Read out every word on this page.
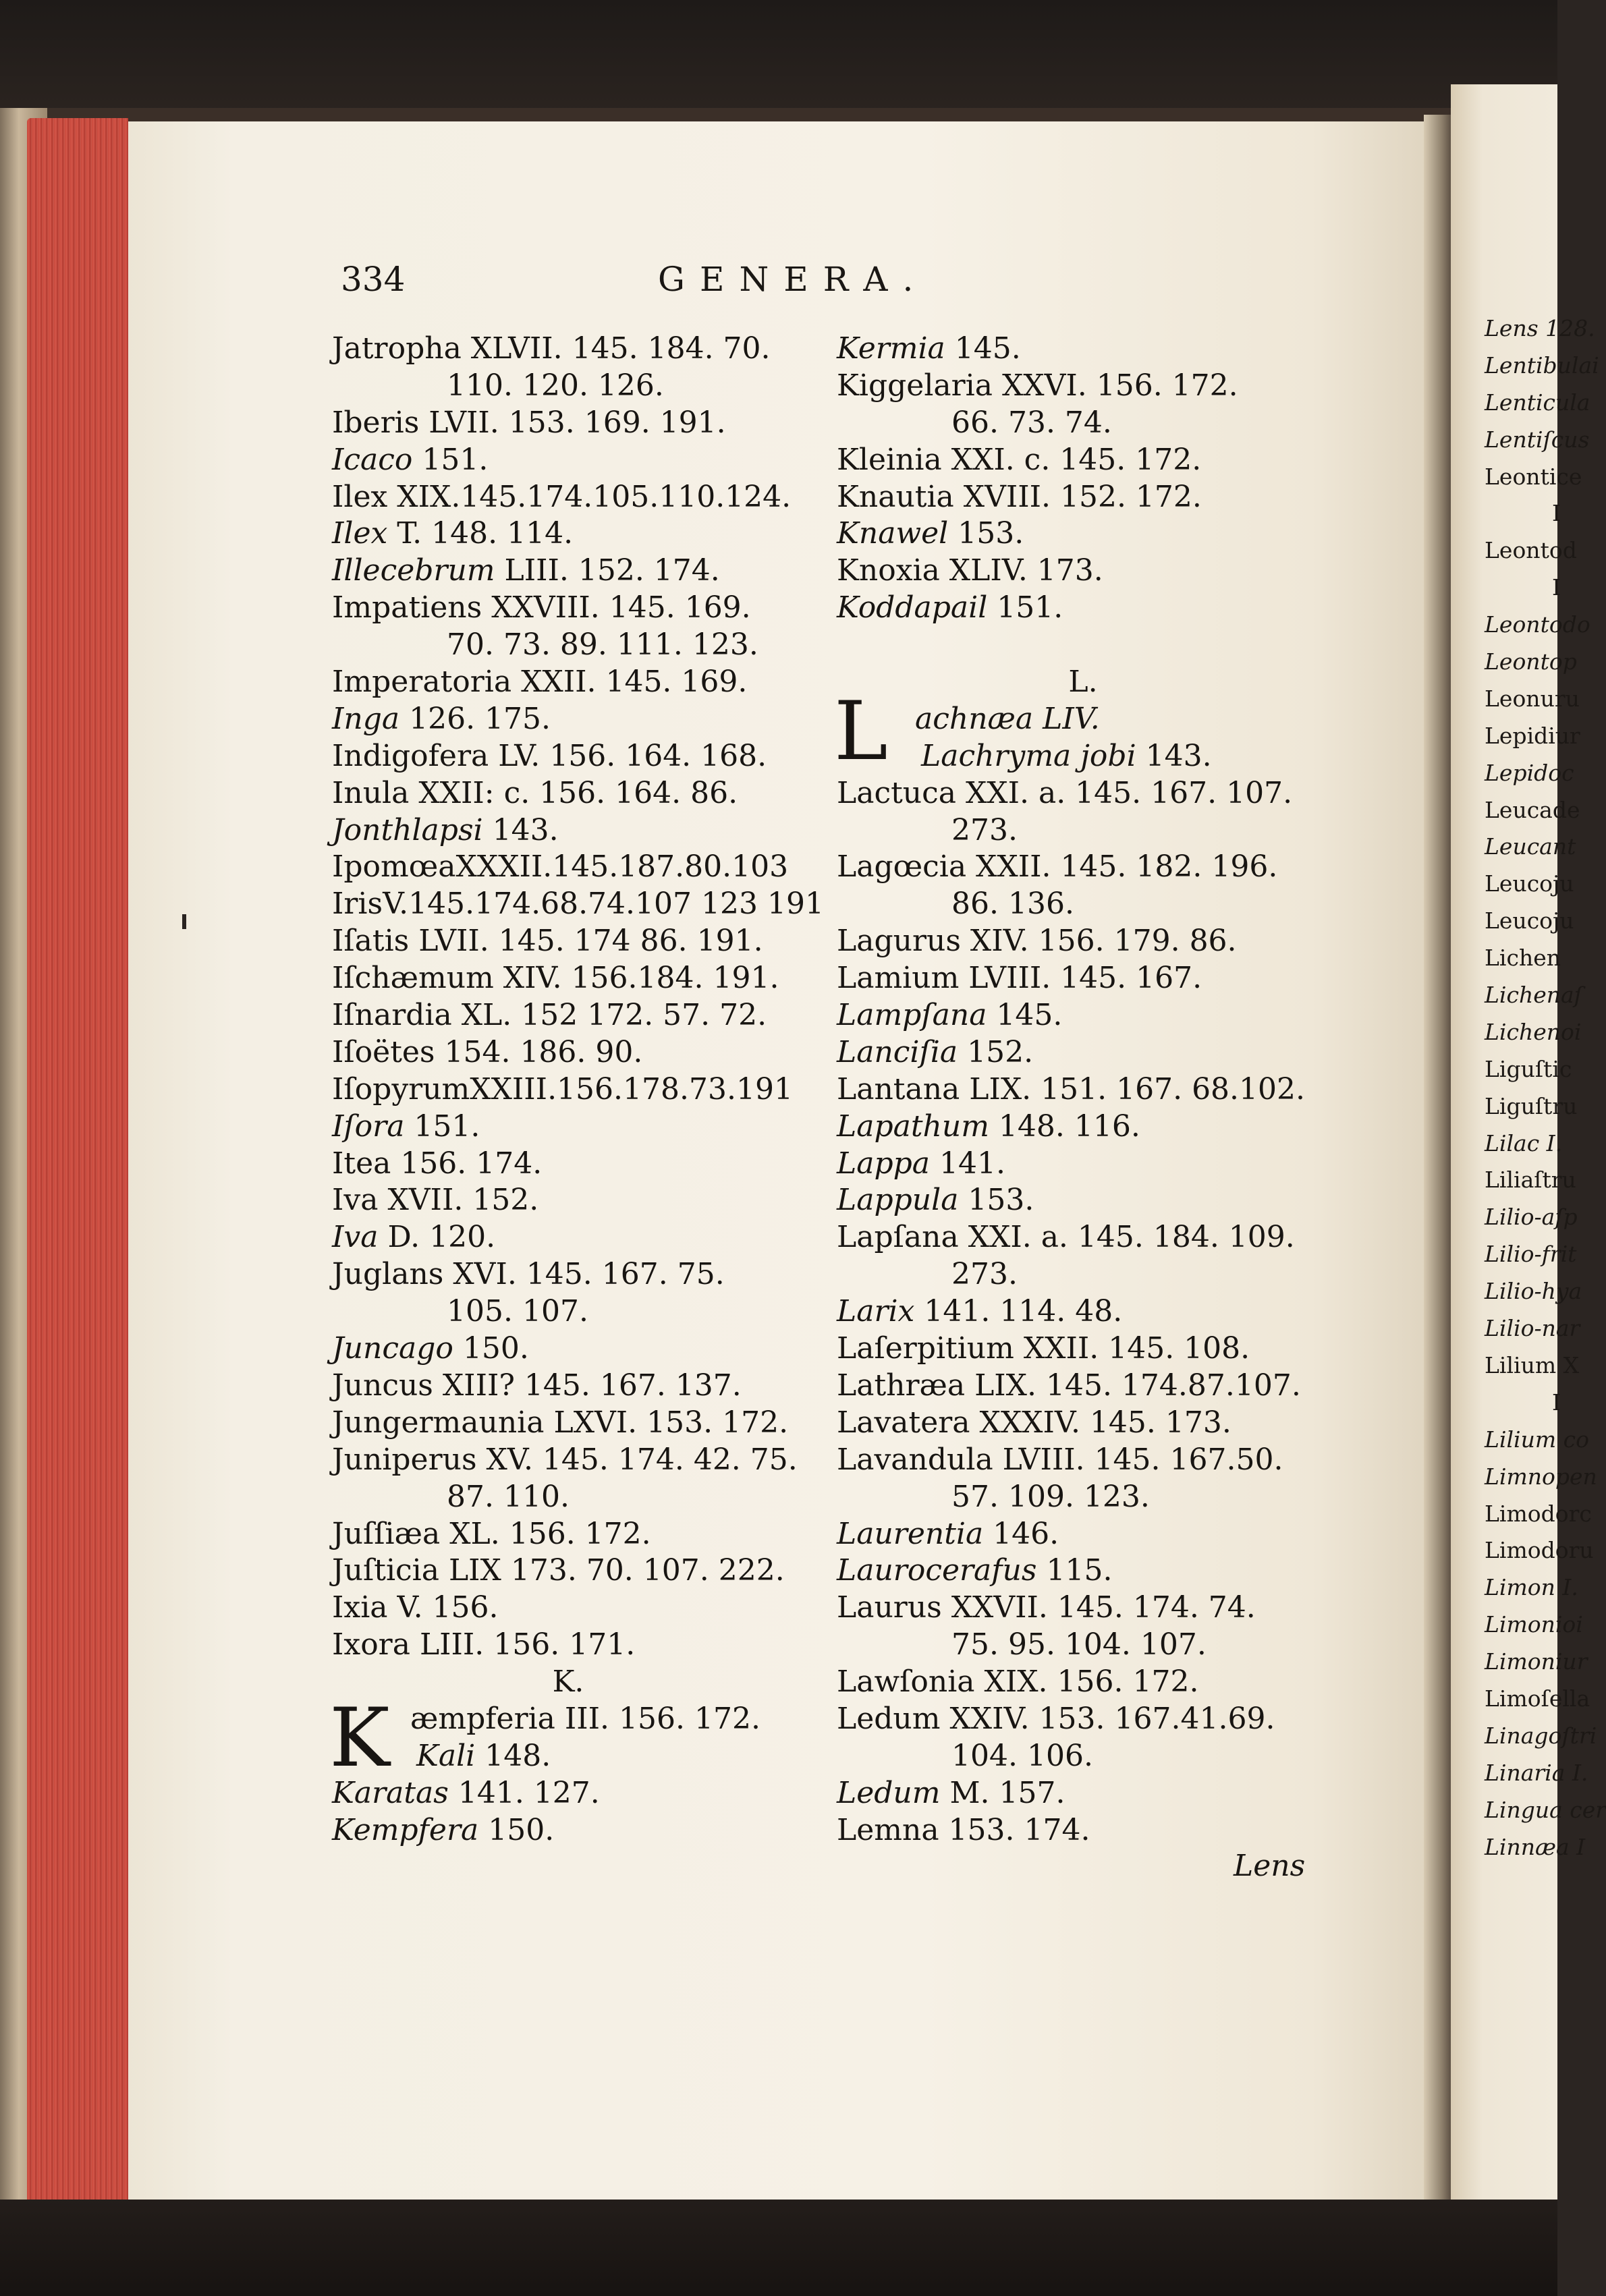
334	GENERA.
Jatropha XLVII. 145. 184. 70.
110. 120. 126.
Iberis LVII. 153. 169. 191.
Icaco 151.
Ilex XIX.145.174.105.110.124.
Ilex T. 148. 114.
Illecebrum LIII. 152. 174.
Impatiens XXVIII. 145. 169.
70. 73. 89. 111. 123.
Imperatoria XXII. 145. 169.
Inga 126. 175.
Indigofera LV. 156. 164. 168.
Inula XXII: c. 156. 164. 86.
Jonthlapsi 143.
IpomœaXXXII.145.187.80.103
IrisV.145.174.68.74.107 123 191
Iſatis LVII. 145. 174 86. 191.
Iſchæmum XIV. 156.184. 191.
Iſnardia XL. 152 172. 57. 72.
Iſoëtes 154. 186. 90.
IſopyrumXXIII.156.178.73.191
Iſora 151.
Itea 156. 174.
Iva XVII. 152.
Iva D. 120.
Juglans XVI. 145. 167. 75.
105. 107.
Juncago 150.
Juncus XIII? 145. 167. 137.
Jungermaunia LXVI. 153. 172.
Juniperus XV. 145. 174. 42. 75.
87. 110.
Juſſiæa XL. 156. 172.
Juſticia LIX 173. 70. 107. 222.
Ixia V. 156.
Ixora LIII. 156. 171.
K.
Kæmpferia III. 156. 172.
Kali 148.
Karatas 141. 127.
Kempfera 150.
Kermia 145.
Kiggelaria XXVI. 156. 172.
66. 73. 74.
Kleinia XXI. c. 145. 172.
Knautia XVIII. 152. 172.
Knawel 153.
Knoxia XLIV. 173.
Koddapail 151.

L.
Lachnæa LIV.
Lachryma jobi 143.
Lactuca XXI. a. 145. 167. 107.
273.
Lagœcia XXII. 145. 182. 196.
86. 136.
Lagurus XIV. 156. 179. 86.
Lamium LVIII. 145. 167.
Lampſana 145.
Lanciſia 152.
Lantana LIX. 151. 167. 68.102.
Lapathum 148. 116.
Lappa 141.
Lappula 153.
Lapſana XXI. a. 145. 184. 109.
273.
Larix 141. 114. 48.
Laſerpitium XXII. 145. 108.
Lathræa LIX. 145. 174.87.107.
Lavatera XXXIV. 145. 173.
Lavandula LVIII. 145. 167.50.
57. 109. 123.
Laurentia 146.
Laurocerafus 115.
Laurus XXVII. 145. 174. 74.
75. 95. 104. 107.
Lawſonia XIX. 156. 172.
Ledum XXIV. 153. 167.41.69.
104. 106.
Ledum M. 157.
Lemna 153. 174.
Lens
Lens 128.
Lentibulai
Lenticula
Lentiſcus
Leontice
I
Leontod
I
Leontodo
Leontop
Leonuru
Lepidiur
Lepidoc
Leucade
Leucant
Leucoju
Leucoju
Lichen
Lichenaſ
Lichenoi
Liguſtic
Liguſtru
Lilac I.
Liliaſtru
Lilio-aſp
Lilio-frit
Lilio-hya
Lilio-nar
Lilium X
I
Lilium co
Limnopen
Limodorc
Limodoru
Limon I.
Limonioi
Limoniur
Limoſella
Linagoſtri
Linaria I.
Lingua cer
Linnæa I
